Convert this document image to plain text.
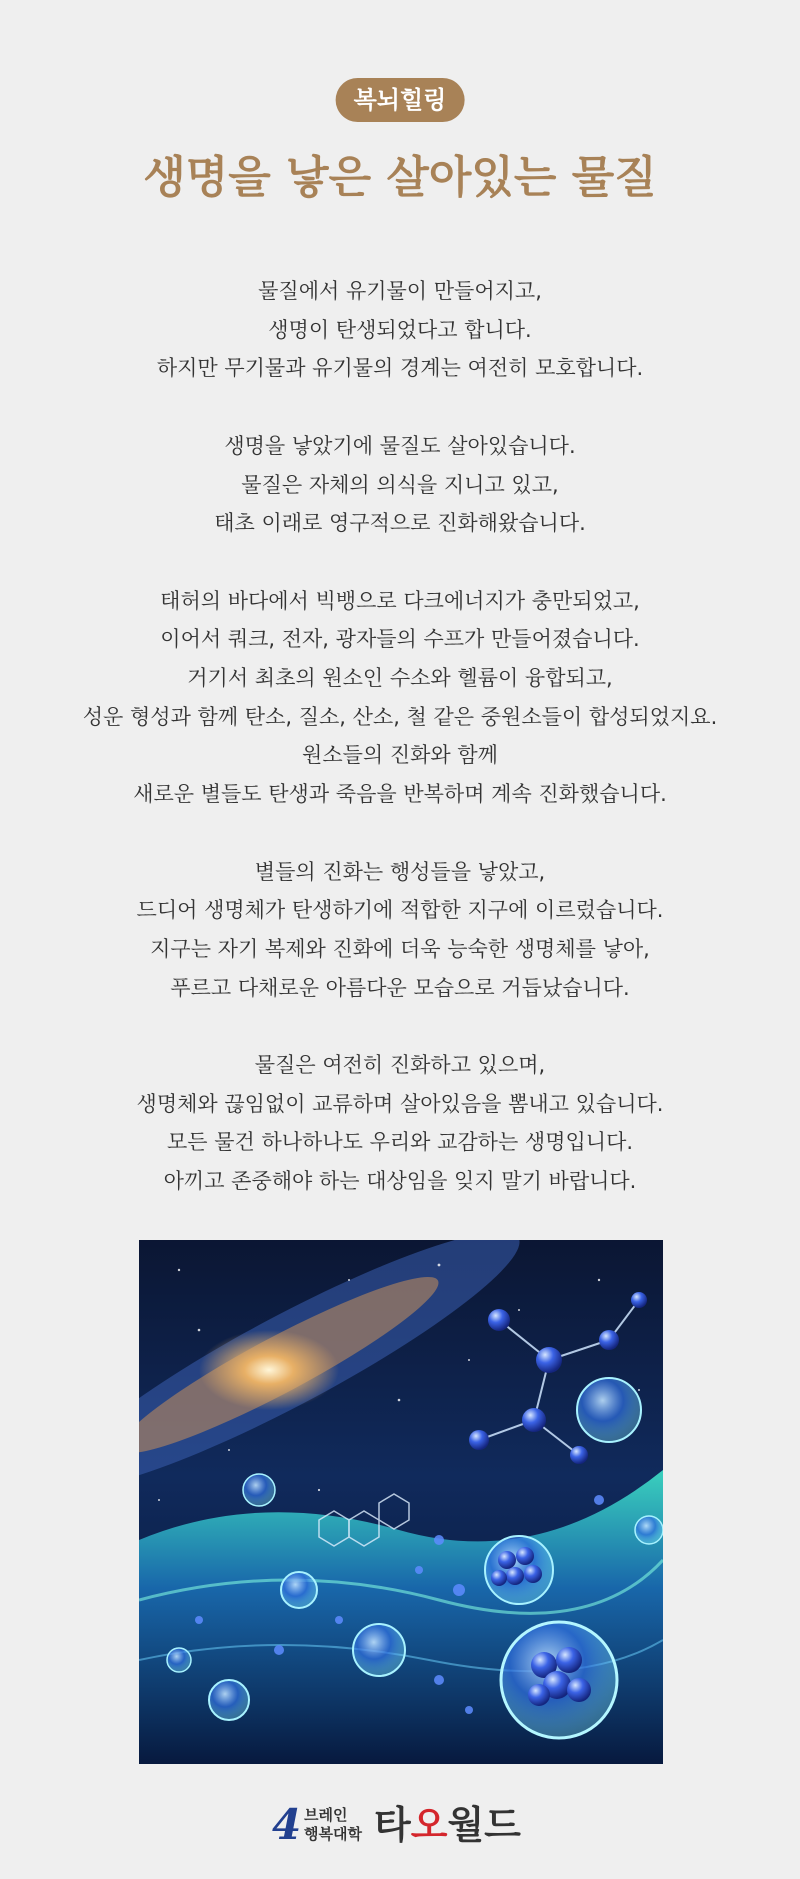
복뇌힐링
생명을 낳은 살아있는 물질

물질에서 유기물이 만들어지고,
생명이 탄생되었다고 합니다.
하지만 무기물과 유기물의 경계는 여전히 모호합니다.

생명을 낳았기에 물질도 살아있습니다.
물질은 자체의 의식을 지니고 있고,
태초 이래로 영구적으로 진화해왔습니다.

태허의 바다에서 빅뱅으로 다크에너지가 충만되었고,
이어서 쿼크, 전자, 광자들의 수프가 만들어졌습니다.
거기서 최초의 원소인 수소와 헬륨이 융합되고,
성운 형성과 함께 탄소, 질소, 산소, 철 같은 중원소들이 합성되었지요.
원소들의 진화와 함께
새로운 별들도 탄생과 죽음을 반복하며 계속 진화했습니다.

별들의 진화는 행성들을 낳았고,
드디어 생명체가 탄생하기에 적합한 지구에 이르렀습니다.
지구는 자기 복제와 진화에 더욱 능숙한 생명체를 낳아,
푸르고 다채로운 아름다운 모습으로 거듭났습니다.

물질은 여전히 진화하고 있으며,
생명체와 끊임없이 교류하며 살아있음을 뽐내고 있습니다.
모든 물건 하나하나도 우리와 교감하는 생명입니다.
아끼고 존중해야 하는 대상임을 잊지 말기 바랍니다.

4 브레인
행복대학 타오월드
